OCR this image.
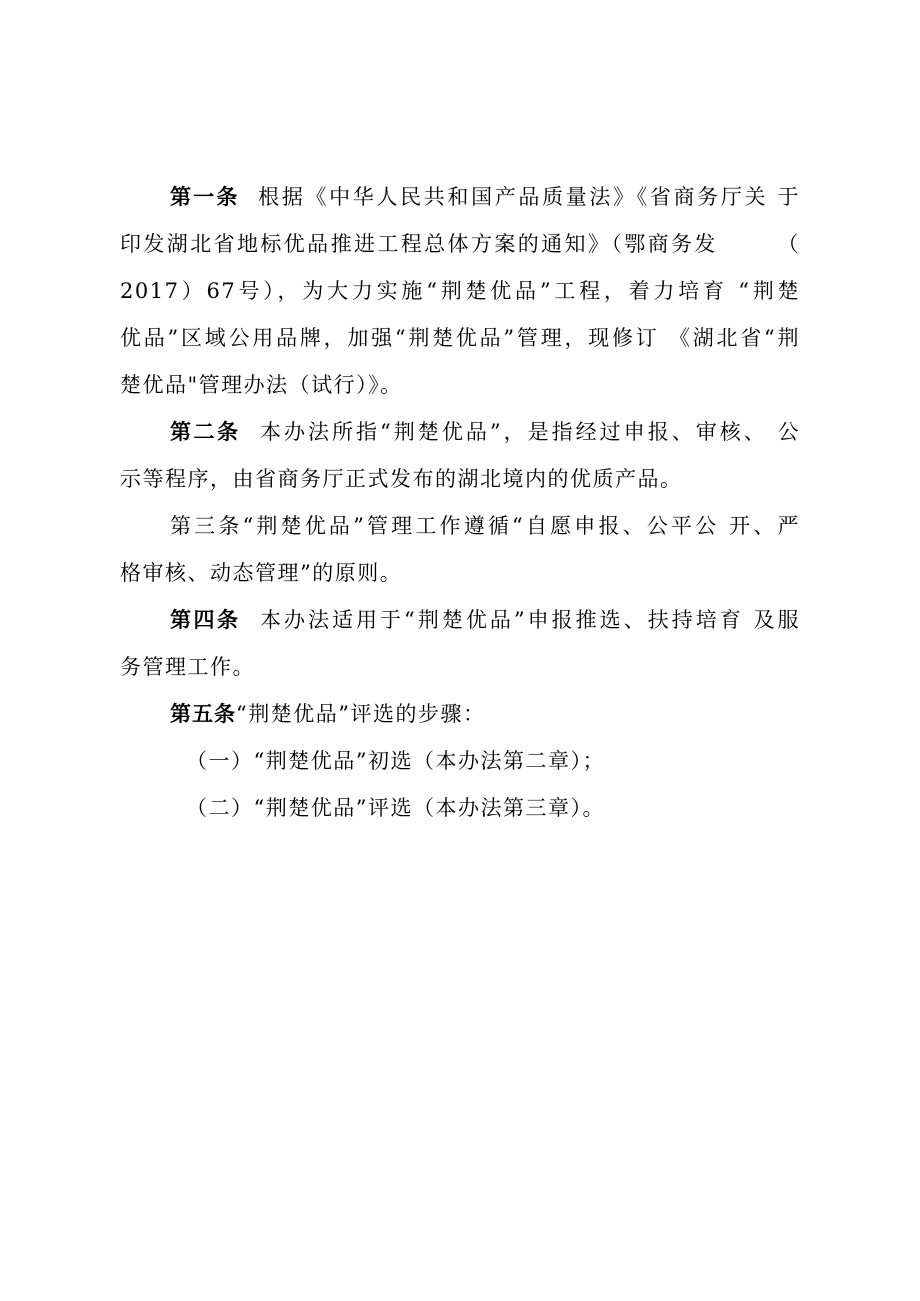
第一条 根据《中华人民共和国产品质量法》《省商务厅关 于
印发湖北省地标优品推进工程总体方案的通知》（鄂商务发　　　（
2017）67号），为大力实施“荆楚优品”工程，着力培育 “荆楚
优品”区域公用品牌，加强“荆楚优品”管理，现修订 《湖北省“荆
楚优品"管理办法（试行）》。
第二条 本办法所指“荆楚优品”，是指经过申报、审核、 公
示等程序，由省商务厅正式发布的湖北境内的优质产品。
第三条“荆楚优品”管理工作遵循“自愿申报、公平公 开、严
格审核、动态管理”的原则。
第四条 本办法适用于“荆楚优品”申报推选、扶持培育 及服
务管理工作。
第五条“荆楚优品”评选的步骤：
（一）“荆楚优品”初选（本办法第二章）；
（二）“荆楚优品”评选（本办法第三章）。
